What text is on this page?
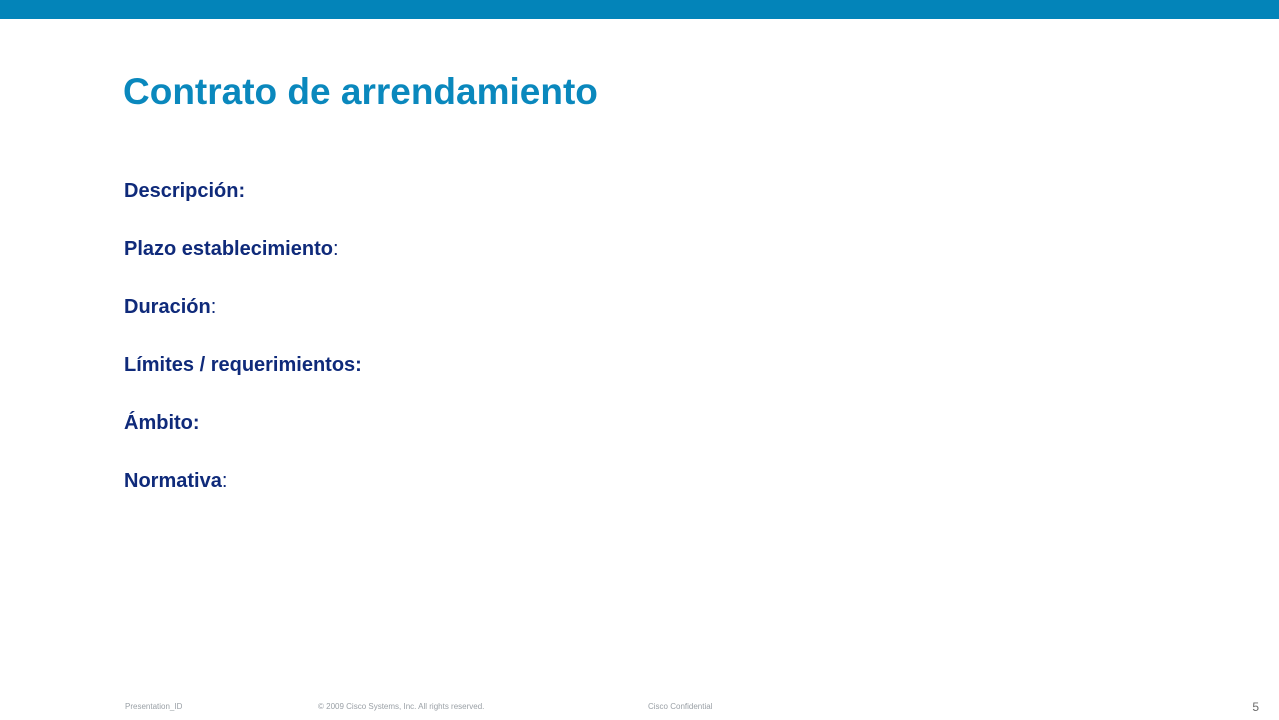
Contrato de arrendamiento
Descripción:
Plazo establecimiento:
Duración:
Límites / requerimientos:
Ámbito:
Normativa:
Presentation_ID	© 2009 Cisco Systems, Inc. All rights reserved.	Cisco Confidential	5
